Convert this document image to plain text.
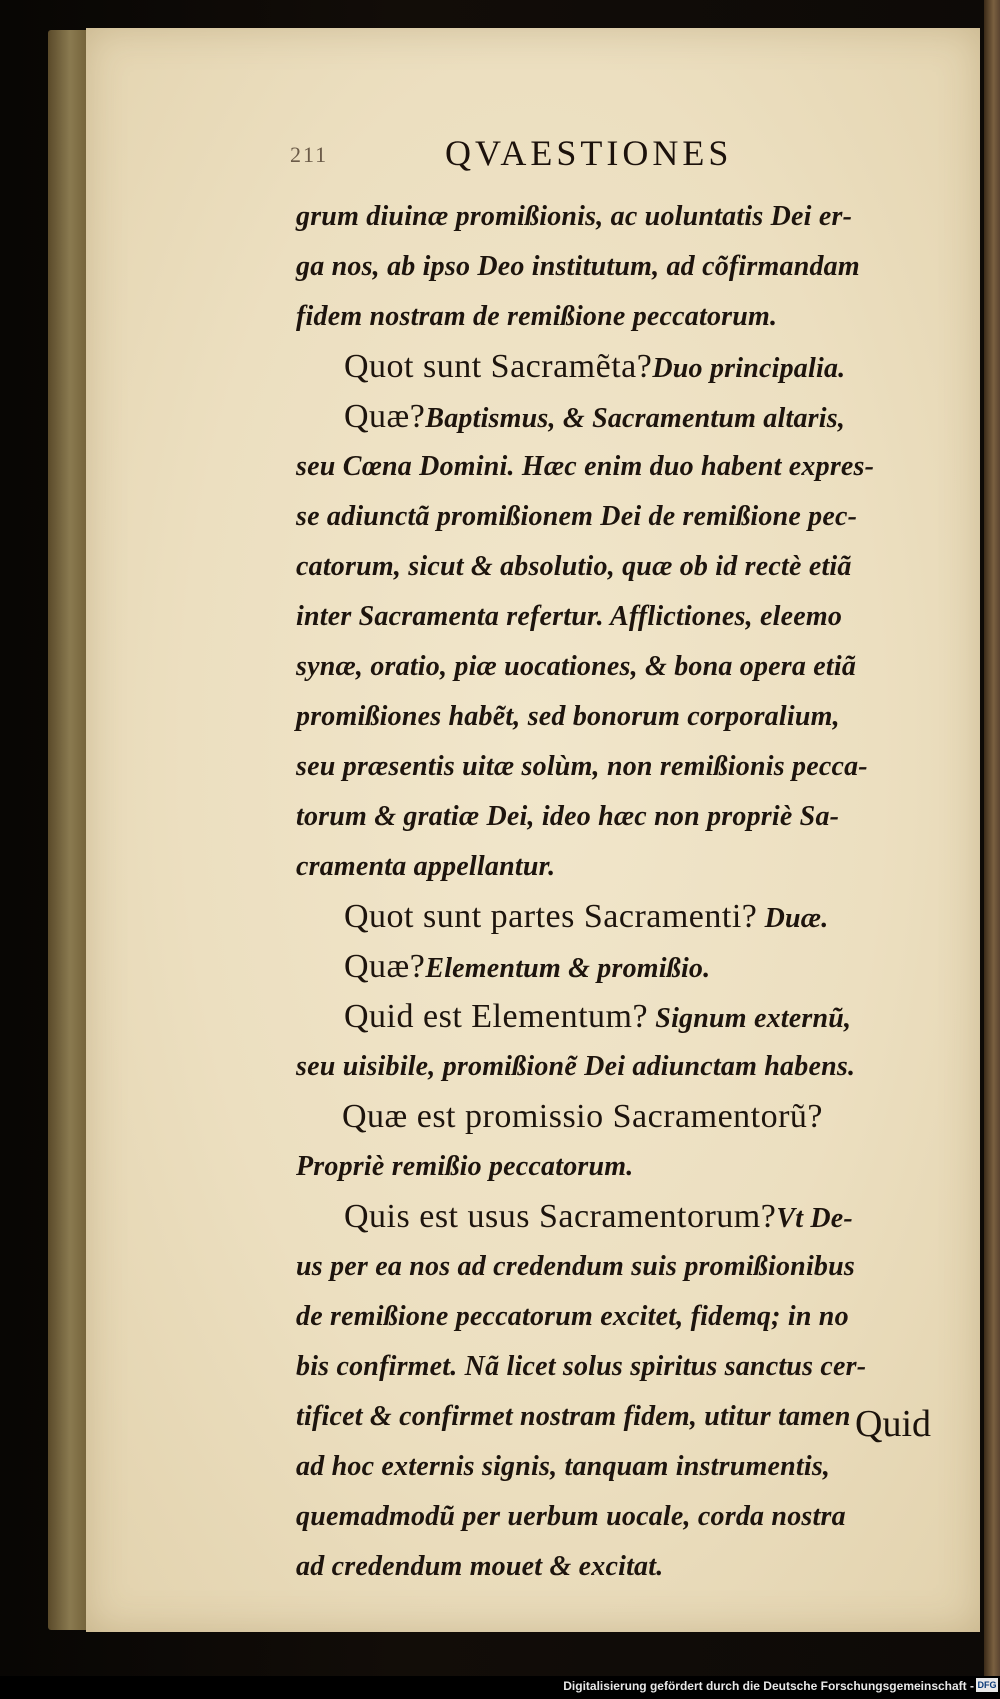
211	QVAESTIONES
grum diuinæ promißionis, ac uoluntatis Dei er-
ga nos, ab ipso Deo institutum, ad cõfirmandam
fidem nostram de remißione peccatorum.
Quot sunt Sacramẽta?Duo principalia.
Quæ?Baptismus, & Sacramentum altaris,
seu Cœna Domini. Hæc enim duo habent expres-
se adiunctã promißionem Dei de remißione pec-
catorum, sicut & absolutio, quæ ob id rectè etiã
inter Sacramenta refertur. Afflictiones, eleemo
synæ, oratio, piæ uocationes, & bona opera etiã
promißiones habẽt, sed bonorum corporalium,
seu præsentis uitæ solùm, non remißionis pecca-
torum & gratiæ Dei, ideo hæc non propriè Sa-
cramenta appellantur.
Quot sunt partes Sacramenti? Duæ.
Quæ?Elementum & promißio.
Quid est Elementum? Signum externũ,
seu uisibile, promißionẽ Dei adiunctam habens.
Quæ est promissio Sacramentorũ?
Propriè remißio peccatorum.
Quis est usus Sacramentorum?Vt De-
us per ea nos ad credendum suis promißionibus
de remißione peccatorum excitet, fidemq; in no
bis confirmet. Nã licet solus spiritus sanctus cer-
tificet & confirmet nostram fidem, utitur tamen
ad hoc externis signis, tanquam instrumentis,
quemadmodũ per uerbum uocale, corda nostra
ad credendum mouet & excitat.
Quid
Digitalisierung gefördert durch die Deutsche Forschungsgemeinschaft - DFG
